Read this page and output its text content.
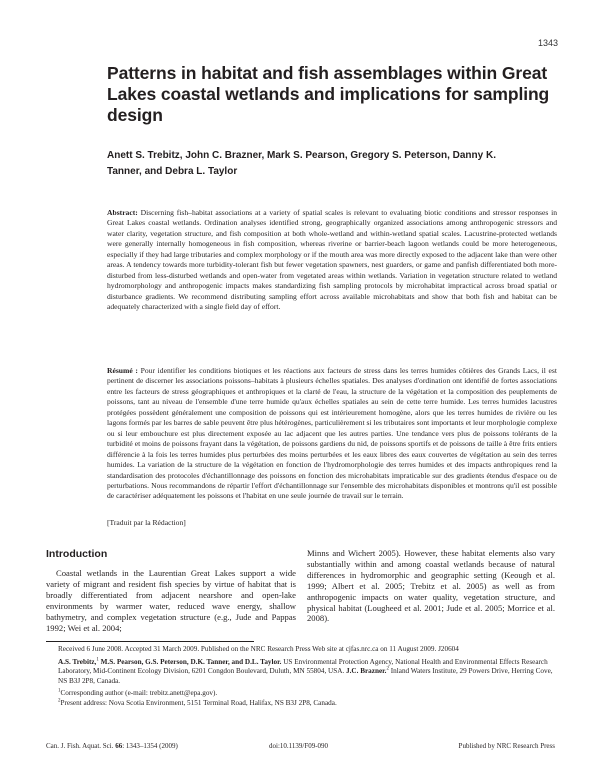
1343
Patterns in habitat and fish assemblages within Great Lakes coastal wetlands and implications for sampling design
Anett S. Trebitz, John C. Brazner, Mark S. Pearson, Gregory S. Peterson, Danny K. Tanner, and Debra L. Taylor
Abstract: Discerning fish–habitat associations at a variety of spatial scales is relevant to evaluating biotic conditions and stressor responses in Great Lakes coastal wetlands. Ordination analyses identified strong, geographically organized associations among anthropogenic stressors and water clarity, vegetation structure, and fish composition at both whole-wetland and within-wetland spatial scales. Lacustrine-protected wetlands were generally internally homogeneous in fish composition, whereas riverine or barrier-beach lagoon wetlands could be more heterogeneous, especially if they had large tributaries and complex morphology or if the mouth area was more directly exposed to the adjacent lake than were other areas. A tendency towards more turbidity-tolerant fish but fewer vegetation spawners, nest guarders, or game and panfish differentiated both more-disturbed from less-disturbed wetlands and open-water from vegetated areas within wetlands. Variation in vegetation structure related to wetland hydromorphology and anthropogenic impacts makes standardizing fish sampling protocols by microhabitat impractical across broad spatial or disturbance gradients. We recommend distributing sampling effort across available microhabitats and show that both fish and habitat can be adequately characterized with a single field day of effort.
Résumé : Pour identifier les conditions biotiques et les réactions aux facteurs de stress dans les terres humides côtières des Grands Lacs, il est pertinent de discerner les associations poissons–habitats à plusieurs échelles spatiales. Des analyses d'ordination ont identifié de fortes associations entre les facteurs de stress géographiques et anthropiques et la clarté de l'eau, la structure de la végétation et la composition des peuplements de poissons, tant au niveau de l'ensemble d'une terre humide qu'aux échelles spatiales au sein de cette terre humide. Les terres humides lacustres protégées possèdent généralement une composition de poissons qui est intérieurement homogène, alors que les terres humides de rivière ou les lagons formés par les barres de sable peuvent être plus hétérogènes, particulièrement si les tributaires sont importants et leur morphologie complexe ou si leur embouchure est plus directement exposée au lac adjacent que les autres parties. Une tendance vers plus de poissons tolérants de la turbidité et moins de poissons frayant dans la végétation, de poissons gardiens du nid, de poissons sportifs et de poissons de taille à être frits entiers différencie à la fois les terres humides plus perturbées des moins perturbées et les eaux libres des eaux couvertes de végétation au sein des terres humides. La variation de la structure de la végétation en fonction de l'hydromorphologie des terres humides et des impacts anthropiques rend la standardisation des protocoles d'échantillonnage des poissons en fonction des microhabitats impraticable sur des gradients étendus d'espace ou de perturbations. Nous recommandons de répartir l'effort d'échantillonnage sur l'ensemble des microhabitats disponibles et montrons qu'il est possible de caractériser adéquatement les poissons et l'habitat en une seule journée de travail sur le terrain.
[Traduit par la Rédaction]
Introduction

Coastal wetlands in the Laurentian Great Lakes support a wide variety of migrant and resident fish species by virtue of habitat that is broadly differentiated from adjacent nearshore and open-lake environments by warmer water, reduced wave energy, shallow bathymetry, and complex vegetation structure (e.g., Jude and Pappas 1992; Wei et al. 2004;

Minns and Wichert 2005). However, these habitat elements also vary substantially within and among coastal wetlands because of natural differences in hydromorphic and geographic setting (Keough et al. 1999; Albert et al. 2005; Trebitz et al. 2005) as well as from anthropogenic impacts on water quality, vegetation structure, and physical habitat (Lougheed et al. 2001; Jude et al. 2005; Morrice et al. 2008).

Received 6 June 2008. Accepted 31 March 2009. Published on the NRC Research Press Web site at cjfas.nrc.ca on 11 August 2009. J20604

A.S. Trebitz,$^1$ M.S. Pearson, G.S. Peterson, D.K. Tanner, and D.L. Taylor. US Environmental Protection Agency, National Health and Environmental Effects Research Laboratory, Mid-Continent Ecology Division, 6201 Congdon Boulevard, Duluth, MN 55804, USA. J.C. Brazner.$^2$ Inland Waters Institute, 29 Powers Drive, Herring Cove, NS B3J 2P8, Canada.

$^1$Corresponding author (e-mail: trebitz.anett@epa.gov).

$^2$Present address: Nova Scotia Environment, 5151 Terminal Road, Halifax, NS B3J 2P8, Canada.

Can. J. Fish. Aquat. Sci. 66: 1343–1354 (2009)	doi:10.1139/F09-090	Published by NRC Research Press
